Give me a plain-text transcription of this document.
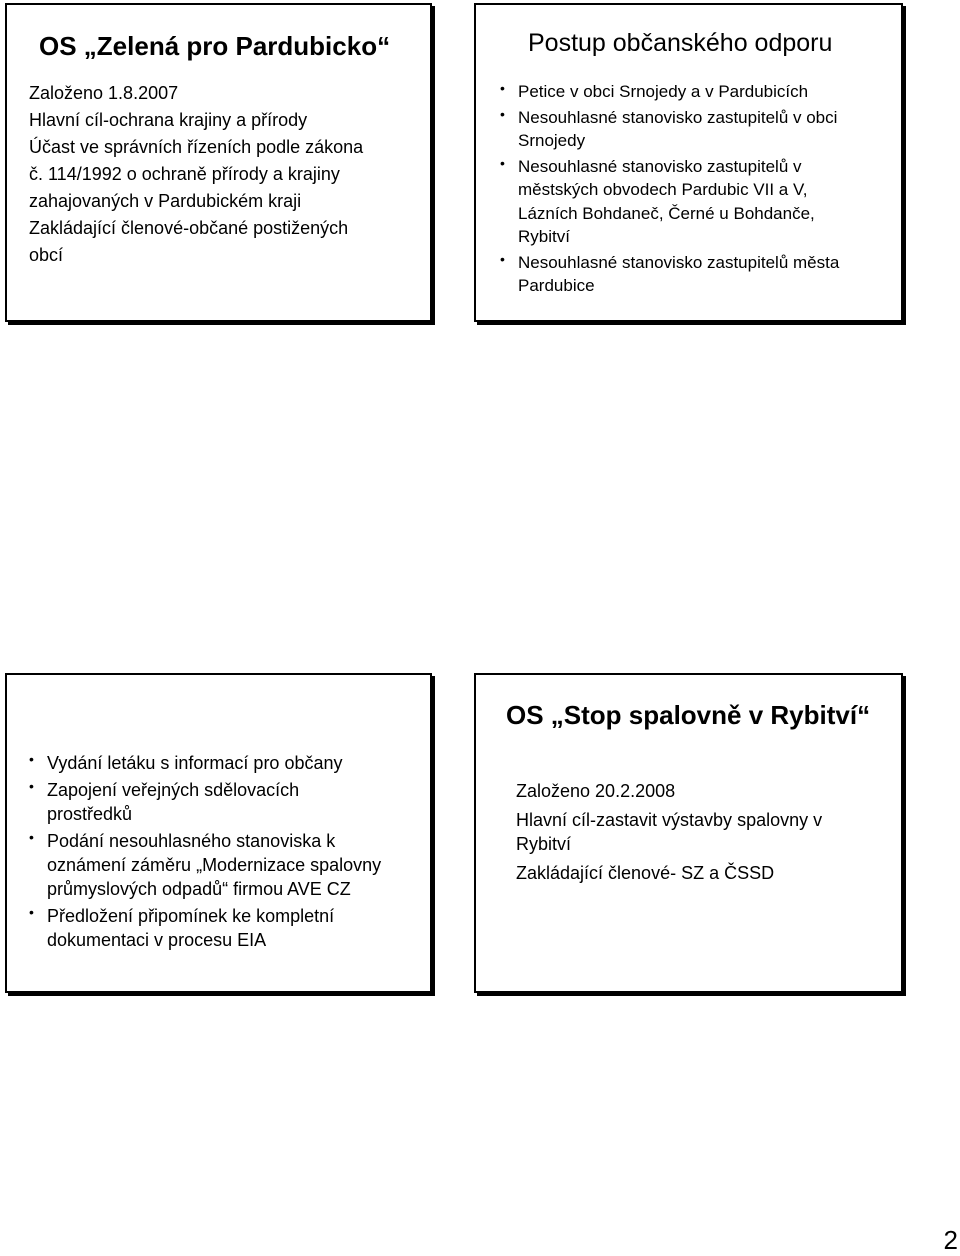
OS „Zelená pro Pardubicko“
Založeno 1.8.2007
Hlavní cíl-ochrana krajiny a přírody
Účast ve správních řízeních podle zákona
č. 114/1992 o ochraně přírody a krajiny
zahajovaných v Pardubickém kraji
Zakládající členové-občané postižených
obcí
Postup občanského odporu
• Petice v obci Srnojedy a v Pardubicích
• Nesouhlasné stanovisko zastupitelů v obci
Srnojedy
• Nesouhlasné stanovisko zastupitelů v
městských obvodech Pardubic VII a V,
Lázních Bohdaneč, Černé u Bohdanče,
Rybitví
• Nesouhlasné stanovisko zastupitelů města
Pardubice
• Vydání letáku s informací pro občany
• Zapojení veřejných sdělovacích
prostředků
• Podání nesouhlasného stanoviska k
oznámení záměru „Modernizace spalovny
průmyslových odpadů“ firmou AVE CZ
• Předložení připomínek ke kompletní
dokumentaci v procesu EIA
OS „Stop spalovně v Rybitví“
Založeno 20.2.2008
Hlavní cíl-zastavit výstavby spalovny v
Rybitví
Zakládající členové- SZ a ČSSD
2
